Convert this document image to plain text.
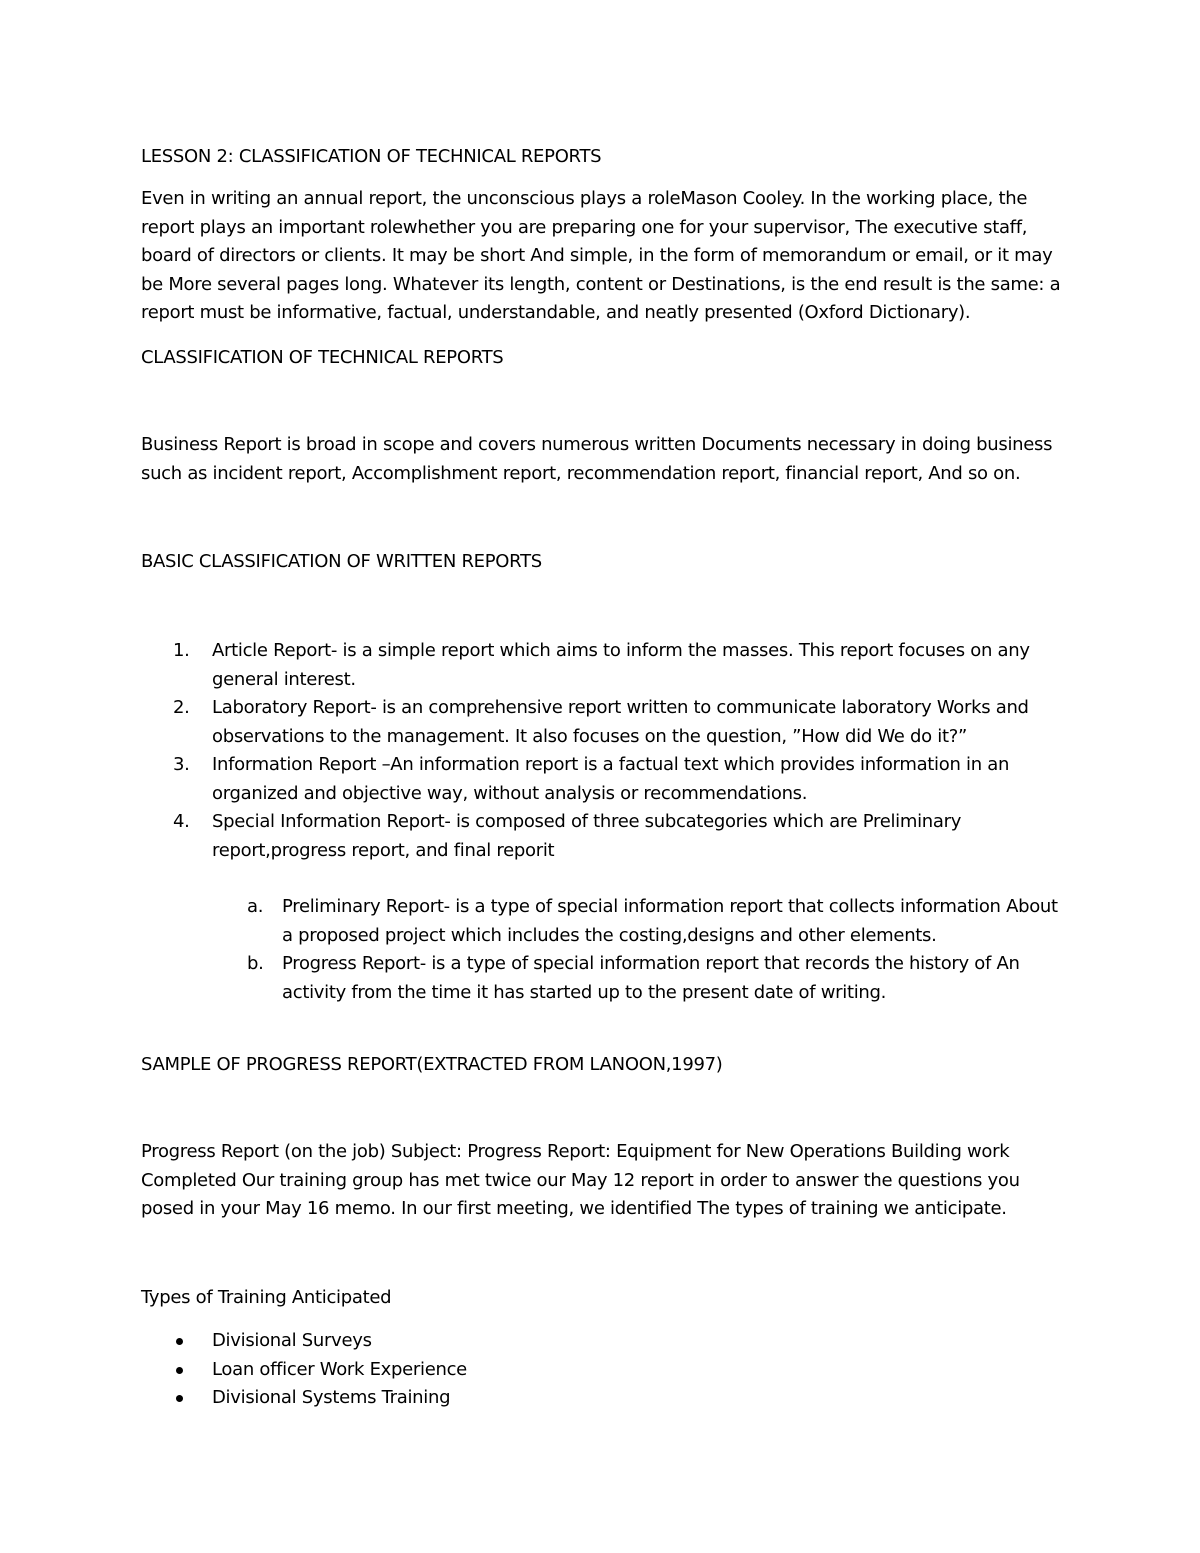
LESSON 2: CLASSIFICATION OF TECHNICAL REPORTS

Even in writing an annual report, the unconscious plays a roleMason Cooley. In the working place, the report plays an important rolewhether you are preparing one for your supervisor, The executive staff, board of directors or clients. It may be short And simple, in the form of memorandum or email, or it may be More several pages long. Whatever its length, content or Destinations, is the end result is the same: a report must be informative, factual, understandable, and neatly presented (Oxford Dictionary).

CLASSIFICATION OF TECHNICAL REPORTS

Business Report is broad in scope and covers numerous written Documents necessary in doing business such as incident report, Accomplishment report, recommendation report, financial report, And so on.

BASIC CLASSIFICATION OF WRITTEN REPORTS

1. Article Report- is a simple report which aims to inform the masses. This report focuses on any general interest.
2. Laboratory Report- is an comprehensive report written to communicate laboratory Works and observations to the management. It also focuses on the question, ”How did We do it?”
3. Information Report –An information report is a factual text which provides information in an organized and objective way, without analysis or recommendations.
4. Special Information Report- is composed of three subcategories which are Preliminary report,progress report, and final reporit
a. Preliminary Report- is a type of special information report that collects information About a proposed project which includes the costing,designs and other elements.
b. Progress Report- is a type of special information report that records the history of An activity from the time it has started up to the present date of writing.

SAMPLE OF PROGRESS REPORT(EXTRACTED FROM LANOON,1997)

Progress Report (on the job) Subject: Progress Report: Equipment for New Operations Building work Completed Our training group has met twice our May 12 report in order to answer the questions you posed in your May 16 memo. In our first meeting, we identified The types of training we anticipate.

Types of Training Anticipated

Divisional Surveys
Loan officer Work Experience
Divisional Systems Training
